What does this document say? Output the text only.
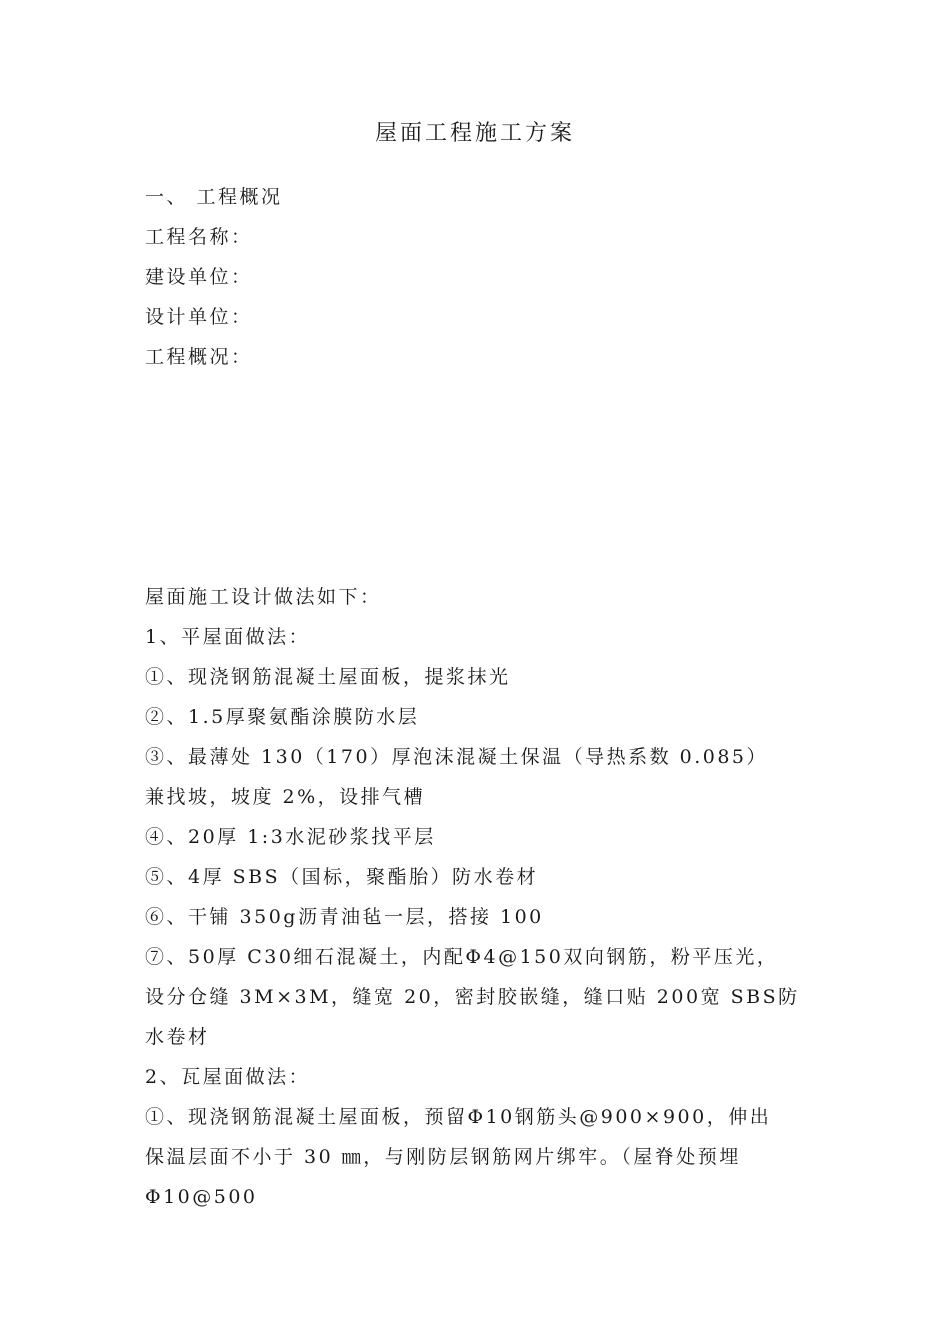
屋面工程施工方案
一、 工程概况
工程名称：
建设单位：
设计单位：
工程概况：
屋面施工设计做法如下：
1、平屋面做法：
①、现浇钢筋混凝土屋面板，提浆抹光
②、1.5厚聚氨酯涂膜防水层
③、最薄处 130（170）厚泡沫混凝土保温（导热系数 0.085）
兼找坡，坡度 2%，设排气槽
④、20厚 1:3水泥砂浆找平层
⑤、4厚 SBS（国标，聚酯胎）防水卷材
⑥、干铺 350g沥青油毡一层，搭接 100
⑦、50厚 C30细石混凝土，内配Φ4@150双向钢筋，粉平压光，
设分仓缝 3M×3M，缝宽 20，密封胶嵌缝，缝口贴 200宽 SBS防
水卷材
2、瓦屋面做法：
①、现浇钢筋混凝土屋面板，预留Φ10钢筋头@900×900，伸出
保温层面不小于 30 ㎜，与刚防层钢筋网片绑牢。（屋脊处预埋
Φ10@500
